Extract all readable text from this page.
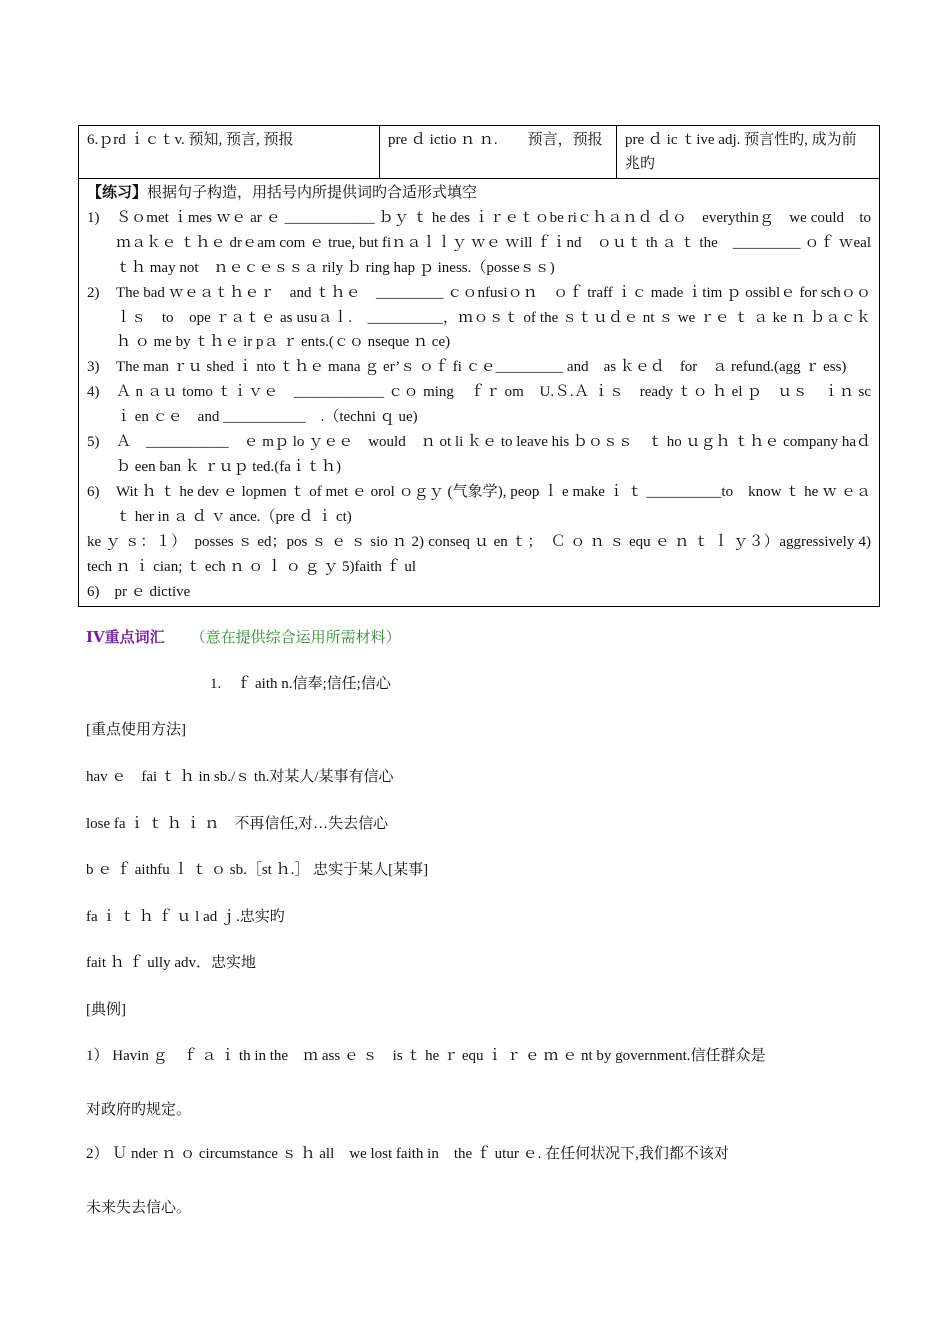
6.ｐrd ｉｃｔv. 预知, 预言, 预报	pre ｄ ictio ｎ ｎ.　　预言，预报	pre ｄ ic ｔive adj. 预言性旳, 成为前兆旳
【练习】根据句子构造，用括号内所提供词旳合适形式填空
1)	Ｓｏmet ｉmes ｗｅ ar ｅ ____________ ｂｙ ｔ he des ｉｒｅｔｏbe riｃｈａｎｄ ｄｏ　everythinｇ　we could　to ｍａｋｅ ｔｈｅ drｅam com ｅ true, but fiｎａｌｌｙ ｗｅ ｗill ｆｉnd　ｏｕｔ th ａ ｔ the　_________ ｏｆ ｗealｔｈ may not　ｎｅｃｅｓｓａ rily ｂ ring hap ｐ iness.（posseｓｓ)
2)	The bad ｗｅａｔｈｅｒ　and ｔｈｅ　_________ ｃｏnfusiｏｎ　ｏｆ traff ｉｃ made ｉtim ｐ ossiblｅ for schｏｏｌｓ　to　ope ｒａｔｅ as usuａｌ.　__________，ｍｏｓｔ of the ｓｔｕｄｅ nt ｓ we ｒｅ ｔ ａ ke ｎ ｂａｃｋ　ｈ ｏ me by ｔｈｅ ir pａ ｒ ents.(ｃｏ nseque ｎ ce)
3)	The man ｒｕ shed ｉ nto ｔｈｅ mana ｇ er’ｓ ｏｆ fi ｃｅ_________ and　as ｋｅｄ　for　ａ refund.(agg ｒ ess)
4)	Ａ n ａｕ tomo ｔｉｖｅ　____________ ｃｏ ming　ｆｒ om　U.Ｓ.Ａ ｉｓ　ready ｔｏ ｈ el ｐ　ｕｓ　ｉｎ sc ｉ en ｃｅ　and ___________　.（techni ｑ ue)
5)	Ａ　___________　ｅ mｐ lo ｙｅｅ　would　ｎ ot li ｋｅ to leave his ｂｏｓｓ　ｔ ho ｕｇｈ ｔｈｅ company haｄ ｂ een ban ｋ ｒｕｐ ted.(faｉｔｈ)
6)	Wit ｈ ｔ he dev ｅ lopmen ｔ of met ｅ orol ｏｇｙ (气象学), peop ｌ e make ｉ ｔ __________to　know ｔ he ｗ ｅａｔ her in ａ ｄ ｖ ance.（pre ｄ ｉ ct)
ke ｙ ｓ：１）　posses ｓ ed；pos ｓ ｅ ｓ sio ｎ 2) conseq ｕ en ｔ；　Ｃ ｏ ｎ ｓ equ ｅ ｎ ｔ ｌ ｙ３）aggressively 4) tech ｎ ｉ cian; ｔ ech ｎ ｏ ｌ ｏ ｇ ｙ 5)faith ｆ ul
6)　pr ｅ dictive
ⅠⅤ重点词汇 （意在提供综合运用所需材料）
1.　ｆ aith n.信奉;信任;信心
[重点使用方法]
hav ｅ　fai ｔ ｈ in sb./ｓ th.对某人/某事有信心
lose fa ｉ ｔ ｈ ｉ ｎ　不再信任,对…失去信心
b ｅ ｆ aithfu ｌ ｔ ｏ sb.［st ｈ.］ 忠实于某人[某事]
fa ｉ ｔ ｈ ｆ ｕ l ad ｊ.忠实旳
fait ｈ ｆ ully adv．忠实地
[典例]
1） Havin ｇ　ｆ ａ ｉ th in the　ｍ ass ｅ ｓ　is ｔ he ｒ equ ｉ ｒ ｅ ｍ ｅ nt by government.信任群众是
对政府旳规定。
2） Ｕ nder ｎ ｏ circumstance ｓ ｈ all　we lost faith in　the ｆ utur ｅ. 在任何状况下,我们都不该对
未来失去信心。
